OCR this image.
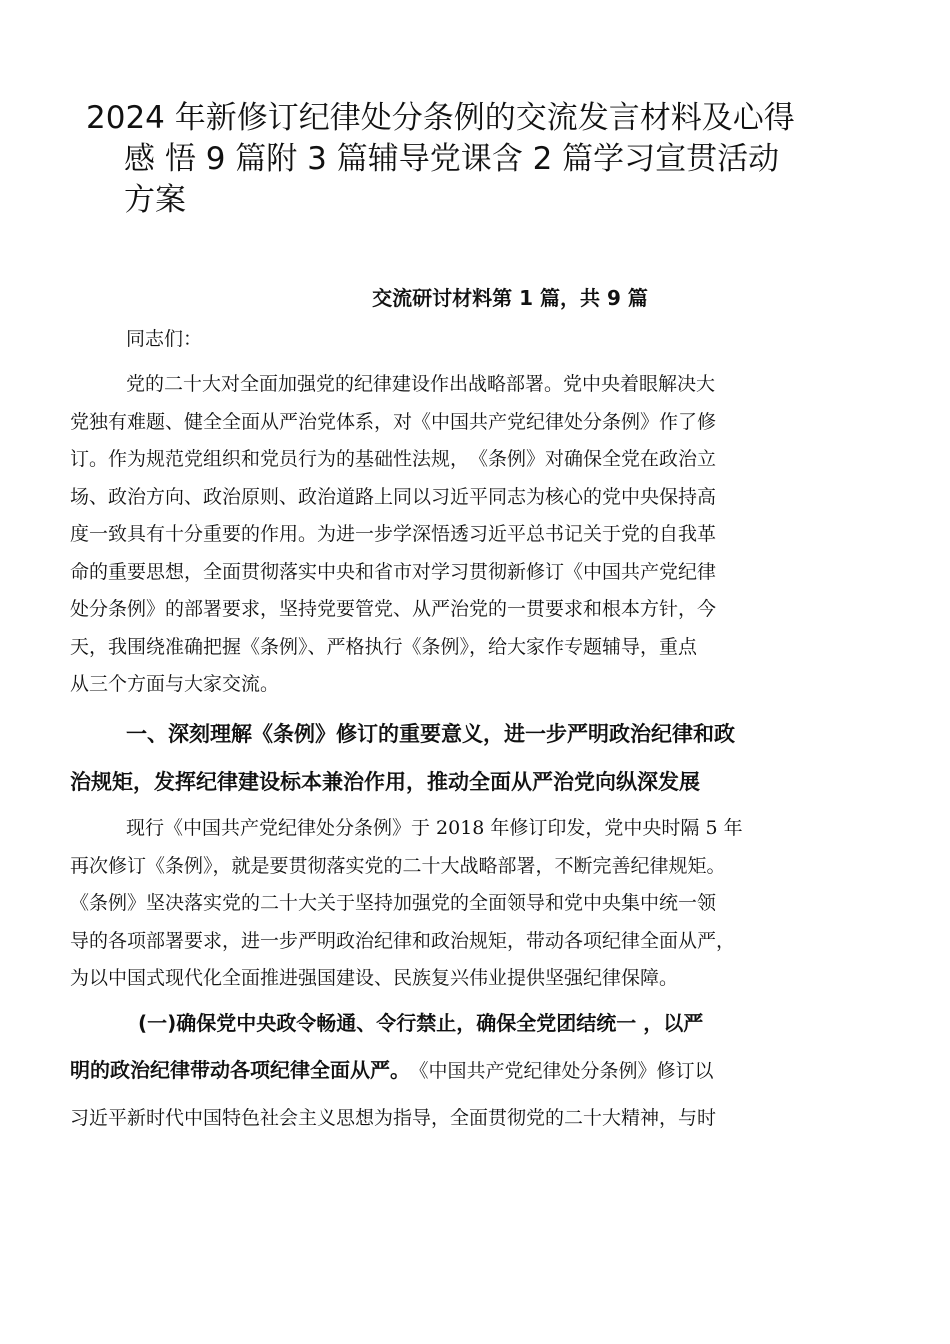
2024 年新修订纪律处分条例的交流发言材料及心得
感 悟 9 篇附 3 篇辅导党课含 2 篇学习宣贯活动
方案
交流研讨材料第 1 篇，共 9 篇
同志们：

党的二十大对全面加强党的纪律建设作出战略部署。党中央着眼解决大
党独有难题、健全全面从严治党体系，对《中国共产党纪律处分条例》作了修
订。作为规范党组织和党员行为的基础性法规，　《条例》对确保全党在政治立
场、政治方向、政治原则、政治道路上同以习近平同志为核心的党中央保持高
度一致具有十分重要的作用。为进一步学深悟透习近平总书记关于党的自我革
命的重要思想，全面贯彻落实中央和省市对学习贯彻新修订《中国共产党纪律
处分条例》的部署要求，坚持党要管党、从严治党的一贯要求和根本方针，今
天，我围绕准确把握《条例》、严格执行《条例》，给大家作专题辅导，重点
从三个方面与大家交流。

一、深刻理解《条例》修订的重要意义，进一步严明政治纪律和政
治规矩，发挥纪律建设标本兼治作用，推动全面从严治党向纵深发展

现行《中国共产党纪律处分条例》于 2018 年修订印发，党中央时隔 5 年
再次修订《条例》，就是要贯彻落实党的二十大战略部署，不断完善纪律规矩。
《条例》坚决落实党的二十大关于坚持加强党的全面领导和党中央集中统一领
导的各项部署要求，进一步严明政治纪律和政治规矩，带动各项纪律全面从严，
为以中国式现代化全面推进强国建设、民族复兴伟业提供坚强纪律保障。

(一)确保党中央政令畅通、令行禁止，确保全党团结统一 ，以严
明的政治纪律带动各项纪律全面从严。　《中国共产党纪律处分条例》修订以
习近平新时代中国特色社会主义思想为指导，全面贯彻党的二十大精神，与时
